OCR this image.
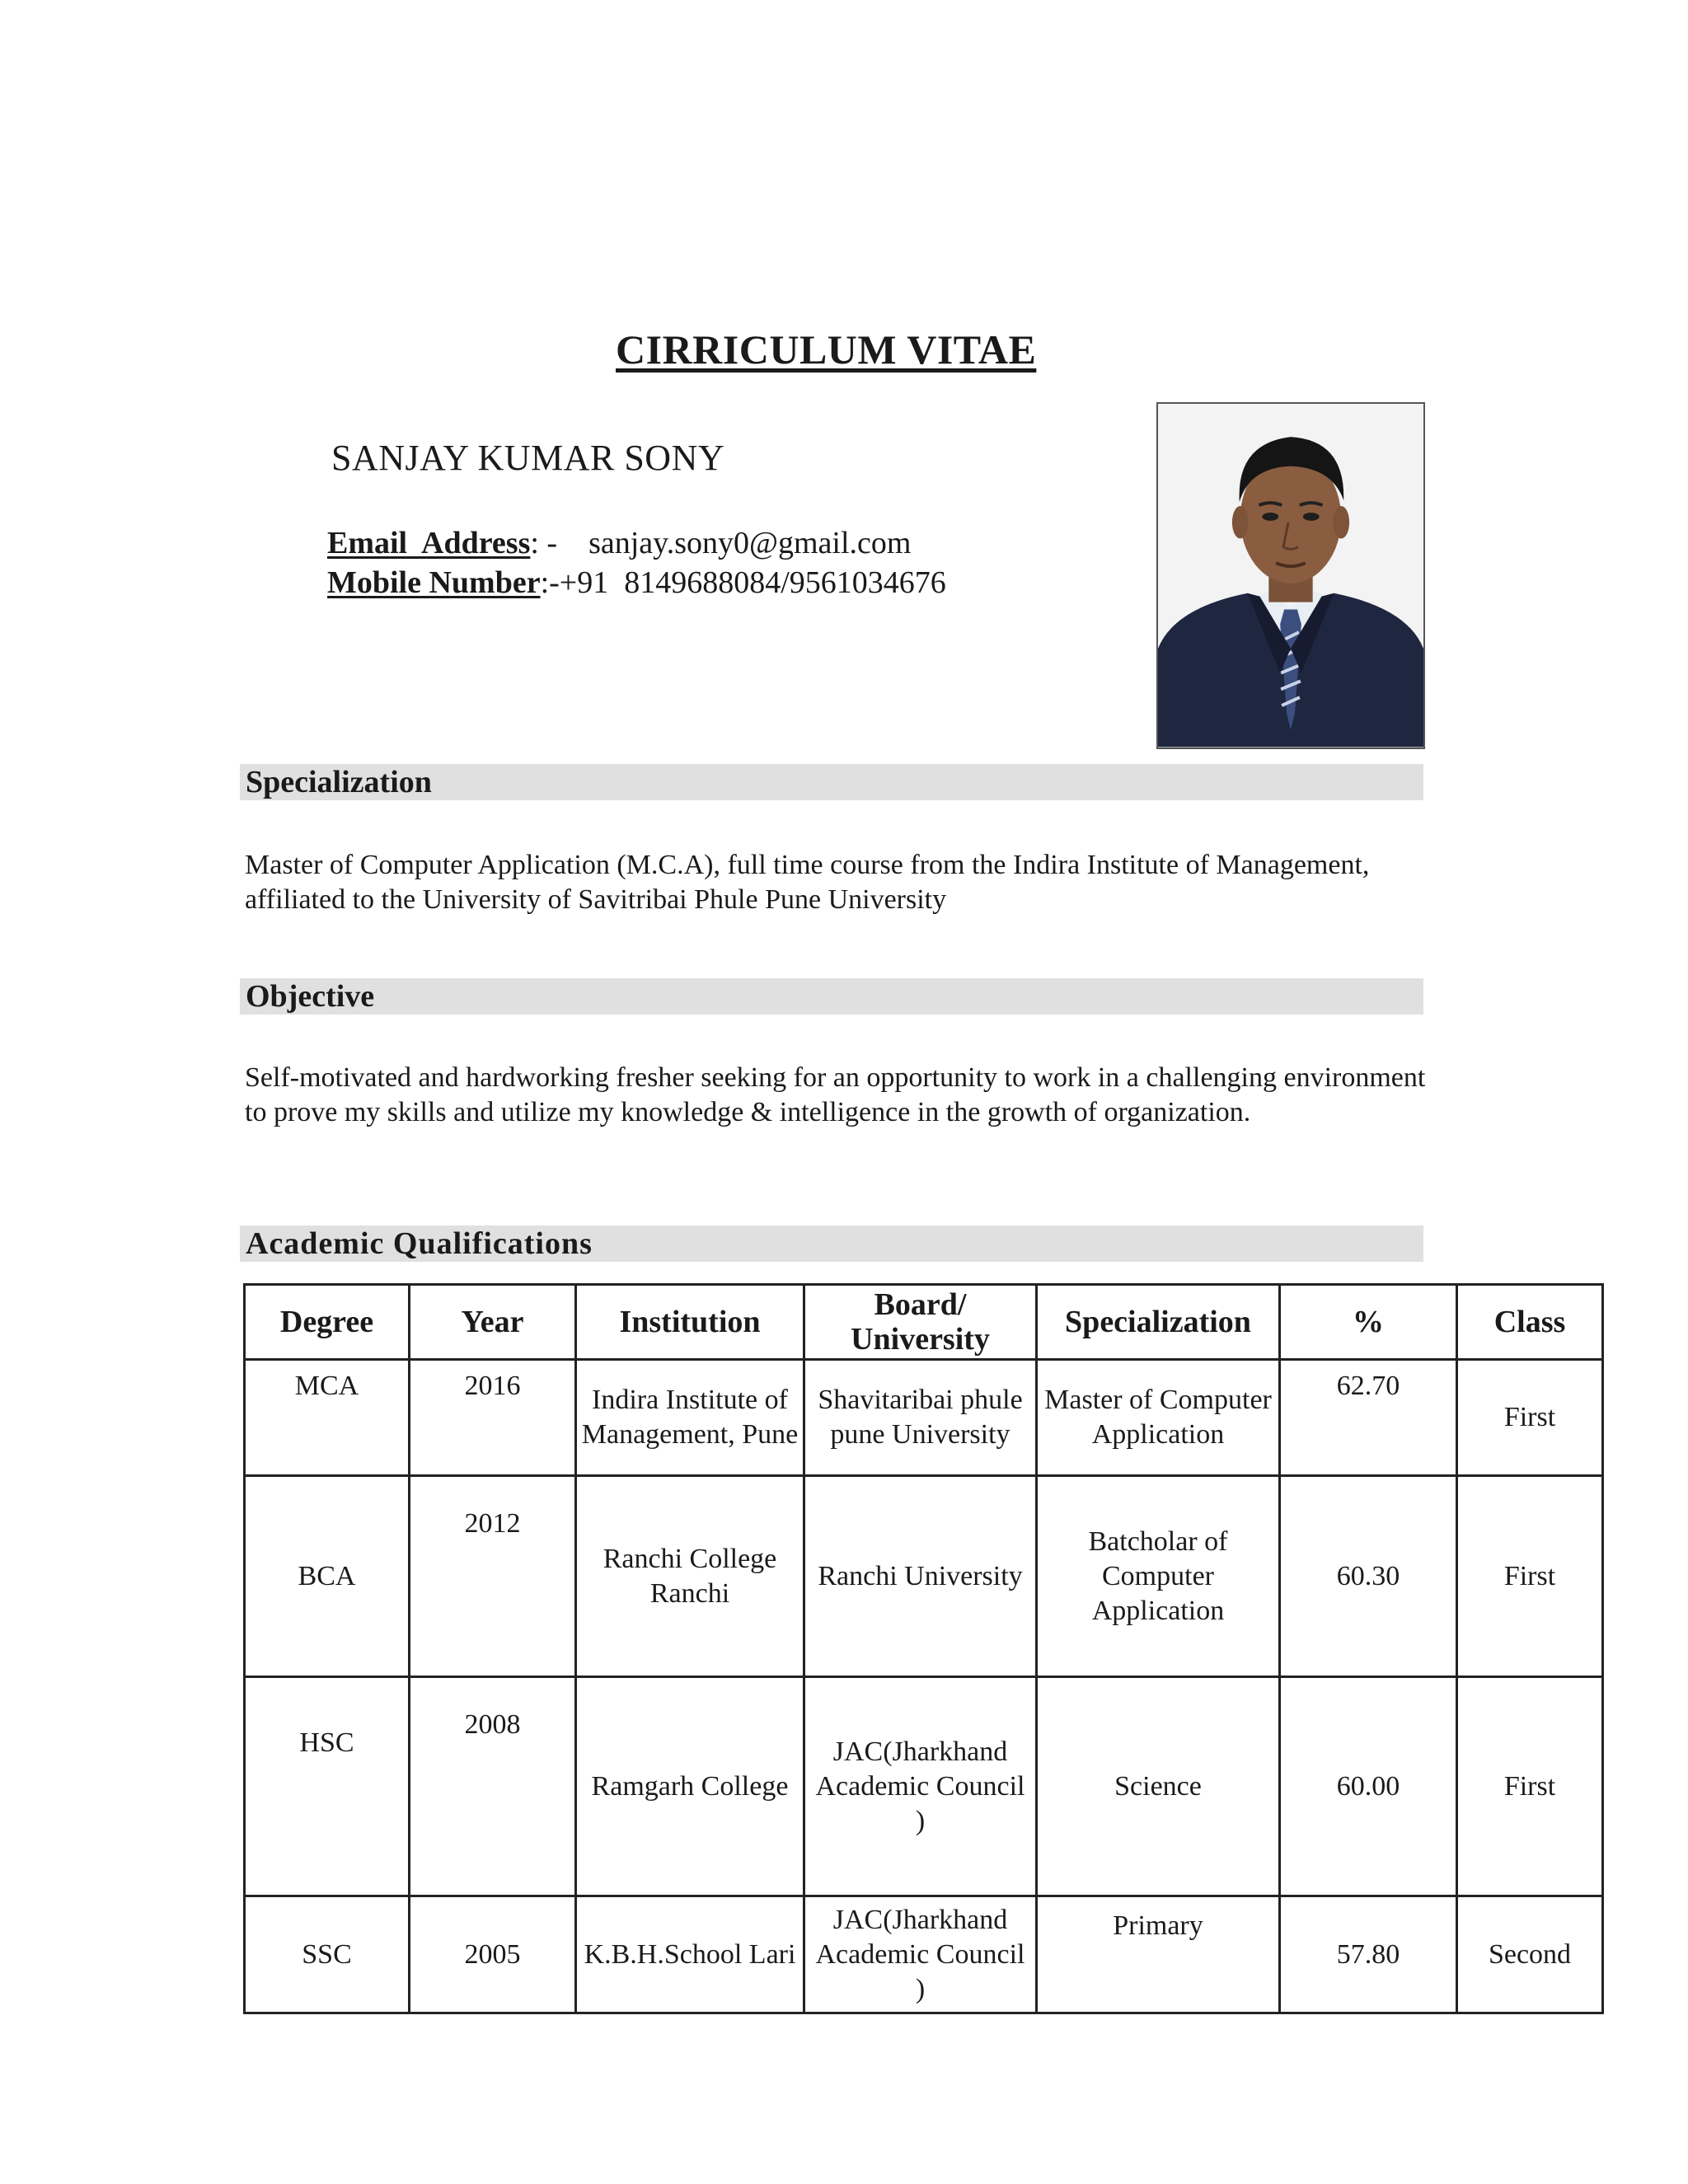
CIRRICULUM VITAE
SANJAY KUMAR SONY
Email  Address: -    sanjay.sony0@gmail.com
Mobile Number:-+91  8149688084/9561034676
Specialization
Master of Computer Application (M.C.A), full time course from the Indira Institute of Management, affiliated to the University of Savitribai Phule Pune University
Objective
Self-motivated and hardworking fresher seeking for an opportunity to work in a challenging environment to prove my skills and utilize my knowledge & intelligence in the growth of organization.
Academic Qualifications
Degree	Year	Institution	Board/ University	Specialization	%	Class
MCA	2016	Indira Institute of Management, Pune	Shavitaribai phule pune University	Master of Computer Application	62.70	First
BCA	2012	Ranchi College Ranchi	Ranchi University	Batcholar of Computer Application	60.30	First
HSC	2008	Ramgarh College	JAC(Jharkhand Academic Council )	Science	60.00	First
SSC	2005	K.B.H.School Lari	JAC(Jharkhand Academic Council )	Primary	57.80	Second
